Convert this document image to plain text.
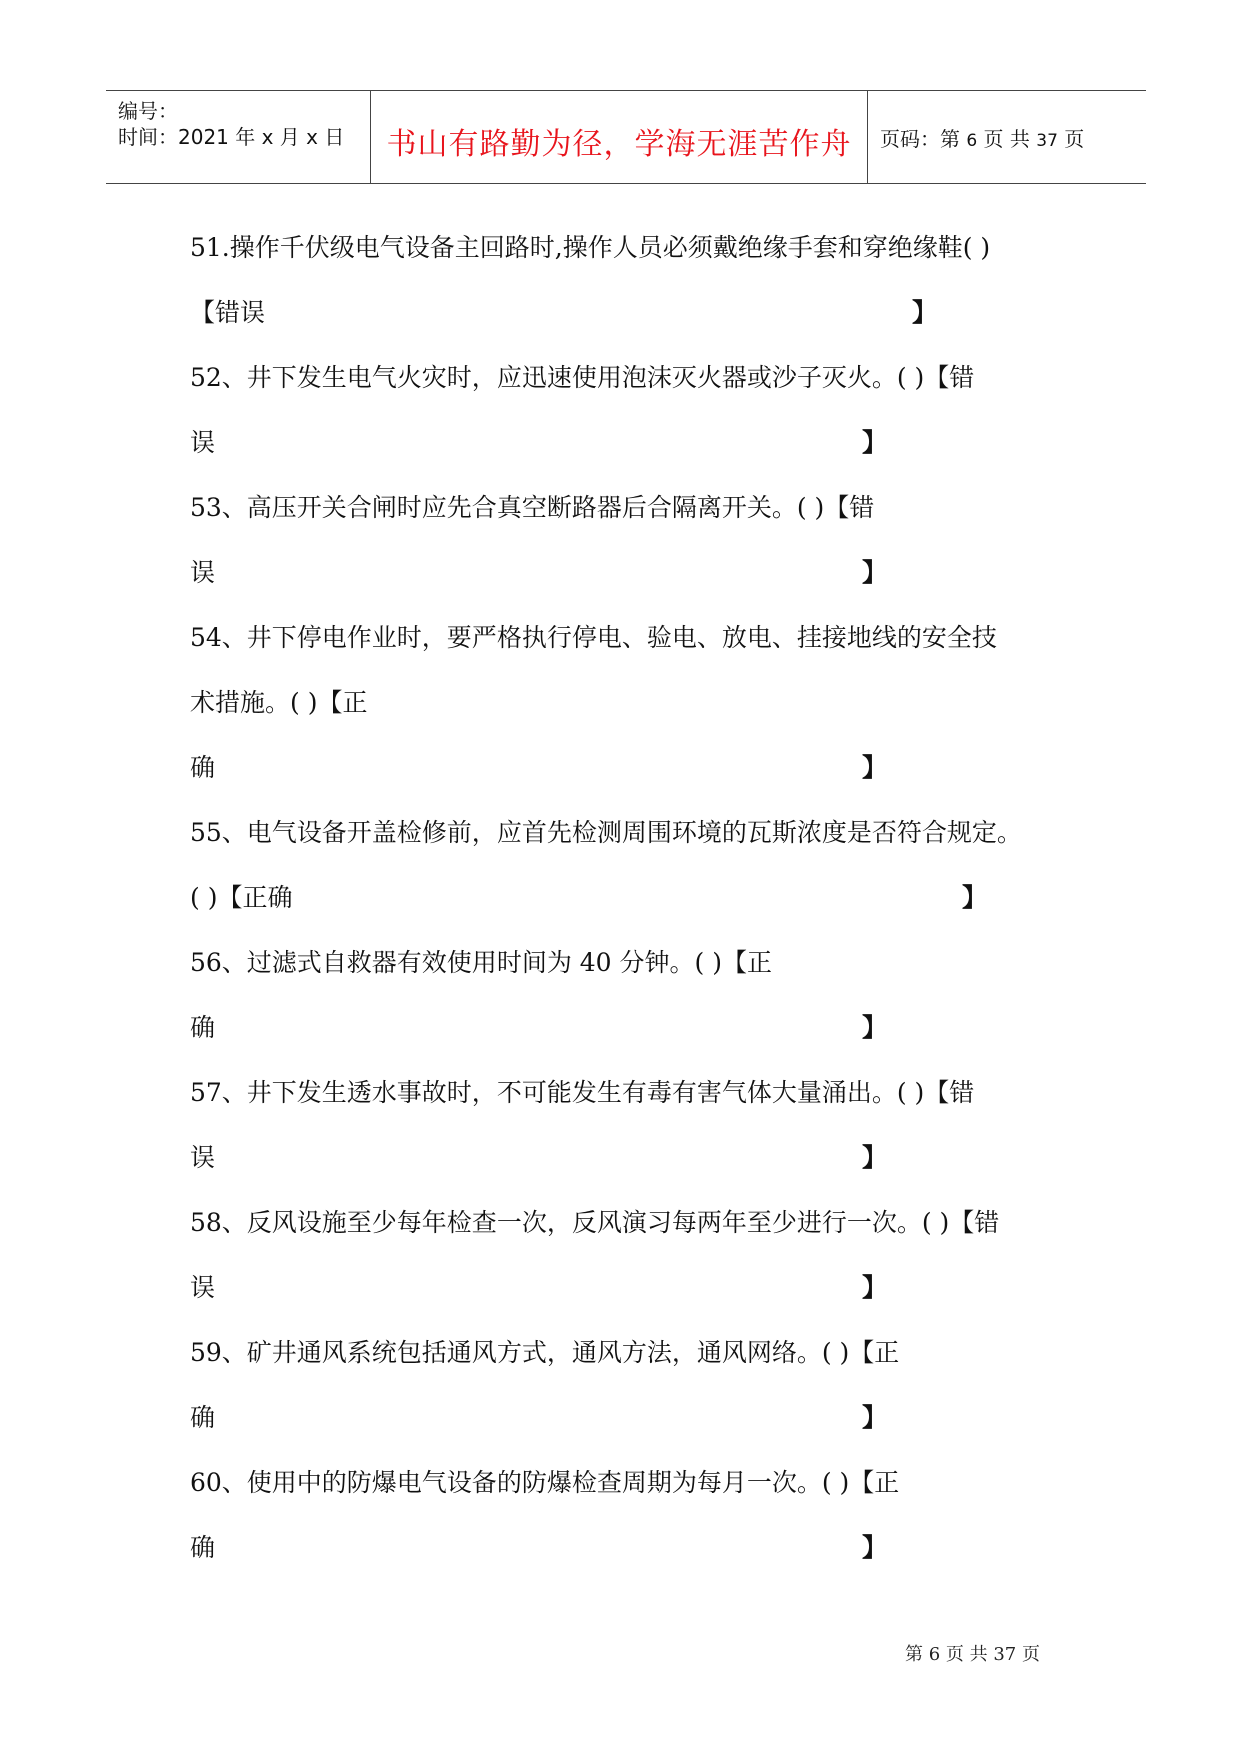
编号：
时间：2021 年 x 月 x 日	书山有路勤为径，学海无涯苦作舟	页码：第 6 页 共 37 页
51.操作千伏级电气设备主回路时,操作人员必须戴绝缘手套和穿绝缘鞋( )
【错误	】
52、井下发生电气火灾时，应迅速使用泡沫灭火器或沙子灭火。( )【错
误	】
53、高压开关合闸时应先合真空断路器后合隔离开关。( )【错
误	】
54、井下停电作业时，要严格执行停电、验电、放电、挂接地线的安全技
术措施。( )【正
确	】
55、电气设备开盖检修前，应首先检测周围环境的瓦斯浓度是否符合规定。
( )【正确	】
56、过滤式自救器有效使用时间为 40 分钟。( )【正
确	】
57、井下发生透水事故时，不可能发生有毒有害气体大量涌出。( )【错
误	】
58、反风设施至少每年检查一次，反风演习每两年至少进行一次。( )【错
误	】
59、矿井通风系统包括通风方式，通风方法，通风网络。( )【正
确	】
60、使用中的防爆电气设备的防爆检查周期为每月一次。( )【正
确	】
第 6 页 共 37 页
